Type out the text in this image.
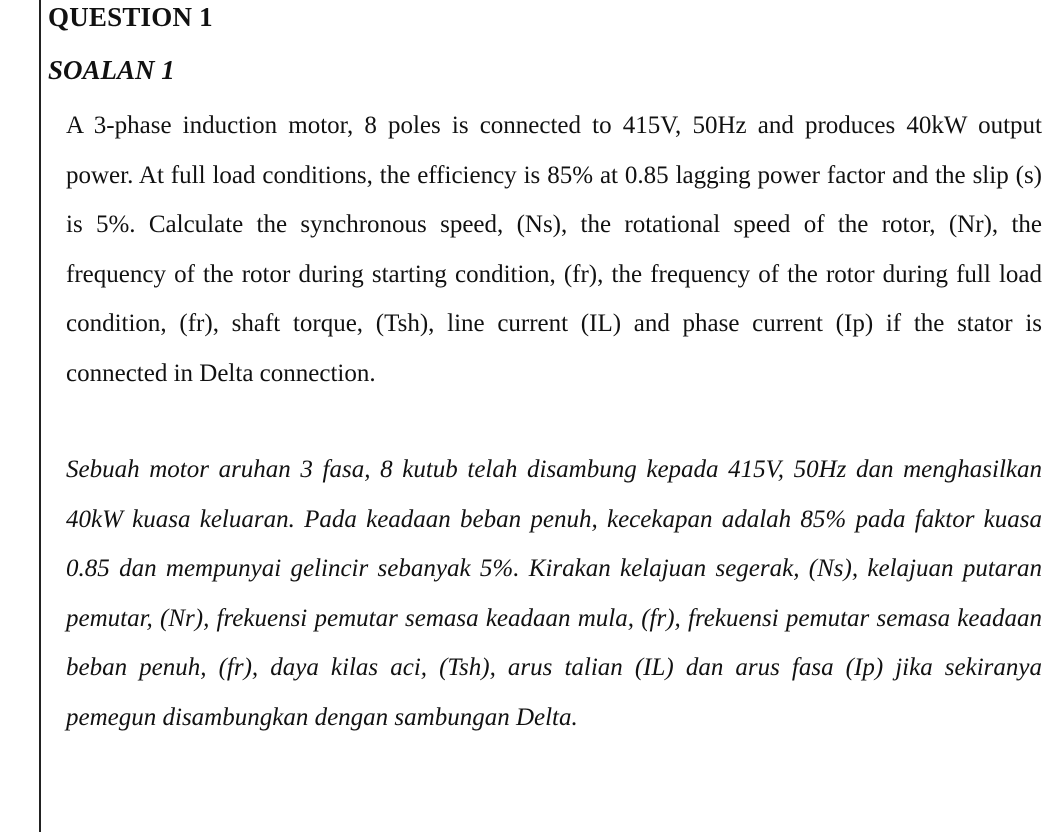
QUESTION 1
SOALAN 1

A 3-phase induction motor, 8 poles is connected to 415V, 50Hz and produces 40kW output power. At full load conditions, the efficiency is 85% at 0.85 lagging power factor and the slip (s) is 5%. Calculate the synchronous speed, (Ns), the rotational speed of the rotor, (Nr), the frequency of the rotor during starting condition, (fr), the frequency of the rotor during full load condition, (fr), shaft torque, (Tsh), line current (IL) and phase current (Ip) if the stator is connected in Delta connection.

Sebuah motor aruhan 3 fasa, 8 kutub telah disambung kepada 415V, 50Hz dan menghasilkan 40kW kuasa keluaran. Pada keadaan beban penuh, kecekapan adalah 85% pada faktor kuasa 0.85 dan mempunyai gelincir sebanyak 5%. Kirakan kelajuan segerak, (Ns), kelajuan putaran pemutar, (Nr), frekuensi pemutar semasa keadaan mula, (fr), frekuensi pemutar semasa keadaan beban penuh, (fr), daya kilas aci, (Tsh), arus talian (IL) dan arus fasa (Ip) jika sekiranya pemegun disambungkan dengan sambungan Delta.
